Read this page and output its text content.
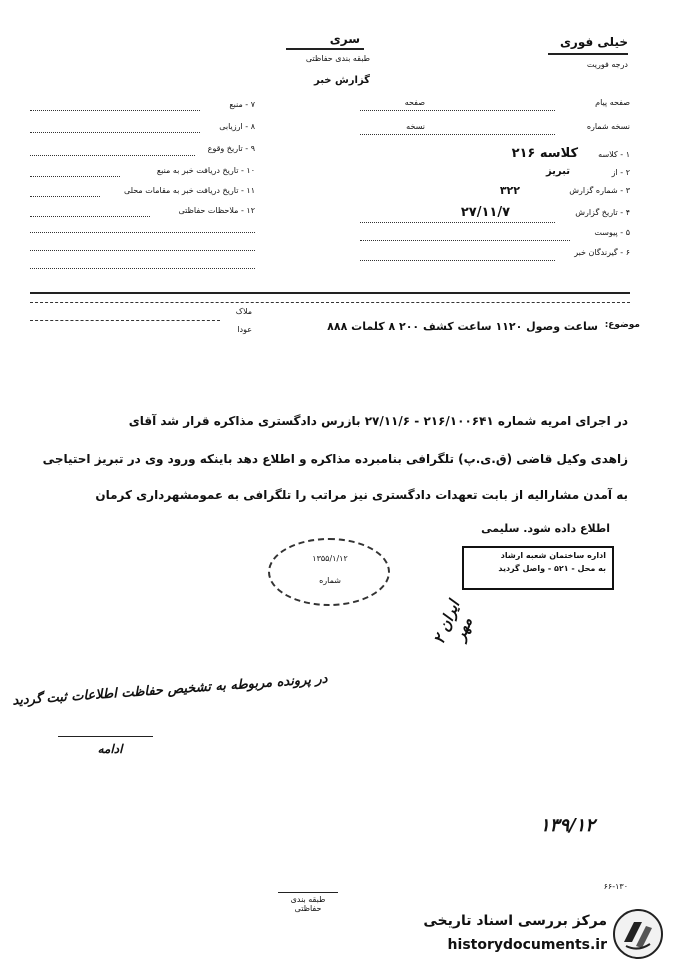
خیلی فوری
درجه فوریت
سری
طبقه بندی حفاظتی
گزارش خبر
صفحه پیام
صفحه
نسخه شماره
نسخه
۱ - کلاسه
کلاسه ۲۱۶
۲ - از
تبریز
۳ - شماره گزارش
۳۲۲
۴ - تاریخ گزارش
۲۷/۱۱/۷
۵ - پیوست
۶ - گیرندگان خبر
۷ - منبع
۸ - ارزیابی
۹ - تاریخ وقوع
۱۰ - تاریخ دریافت خبر به منبع
۱۱ - تاریخ دریافت خبر به مقامات محلی
۱۲ - ملاحظات حفاظتی
ملاک
عودا	موضوع:
ساعت وصول ۱۱۲۰ ساعت کشف ۲۰۰ ۸ کلمات ۸۸۸
در اجرای امریه شماره ۲۱۶/۱۰۰۶۴۱ - ۲۷/۱۱/۶ بازرس دادگستری مذاکره قرار شد آقای
زاهدی وکیل قاضی (ق.ی.پ) تلگرافی بنامبرده مذاکره و اطلاع دهد باینکه ورود وی در تبریز احتیاجی
به آمدن مشارالیه از بابت تعهدات دادگستری نیز مراتب را تلگرافی به عمومشهرداری کرمان
اطلاع داده شود. سلیمی
اداره ساختمان شعبه ارشاد
به محل - ۵۲۱ - واصل گردید
۱۳۵۵/۱/۱۲
شماره
ایران ۲ مهر
در پرونده مربوطه به تشخیص حفاظت اطلاعات ثبت گردید
ادامه
۱۳۹/۱۲
۶۶-۱۳۰
طبقه بندی حفاظتی
مرکز بررسی اسناد تاریخی
historydocuments.ir
